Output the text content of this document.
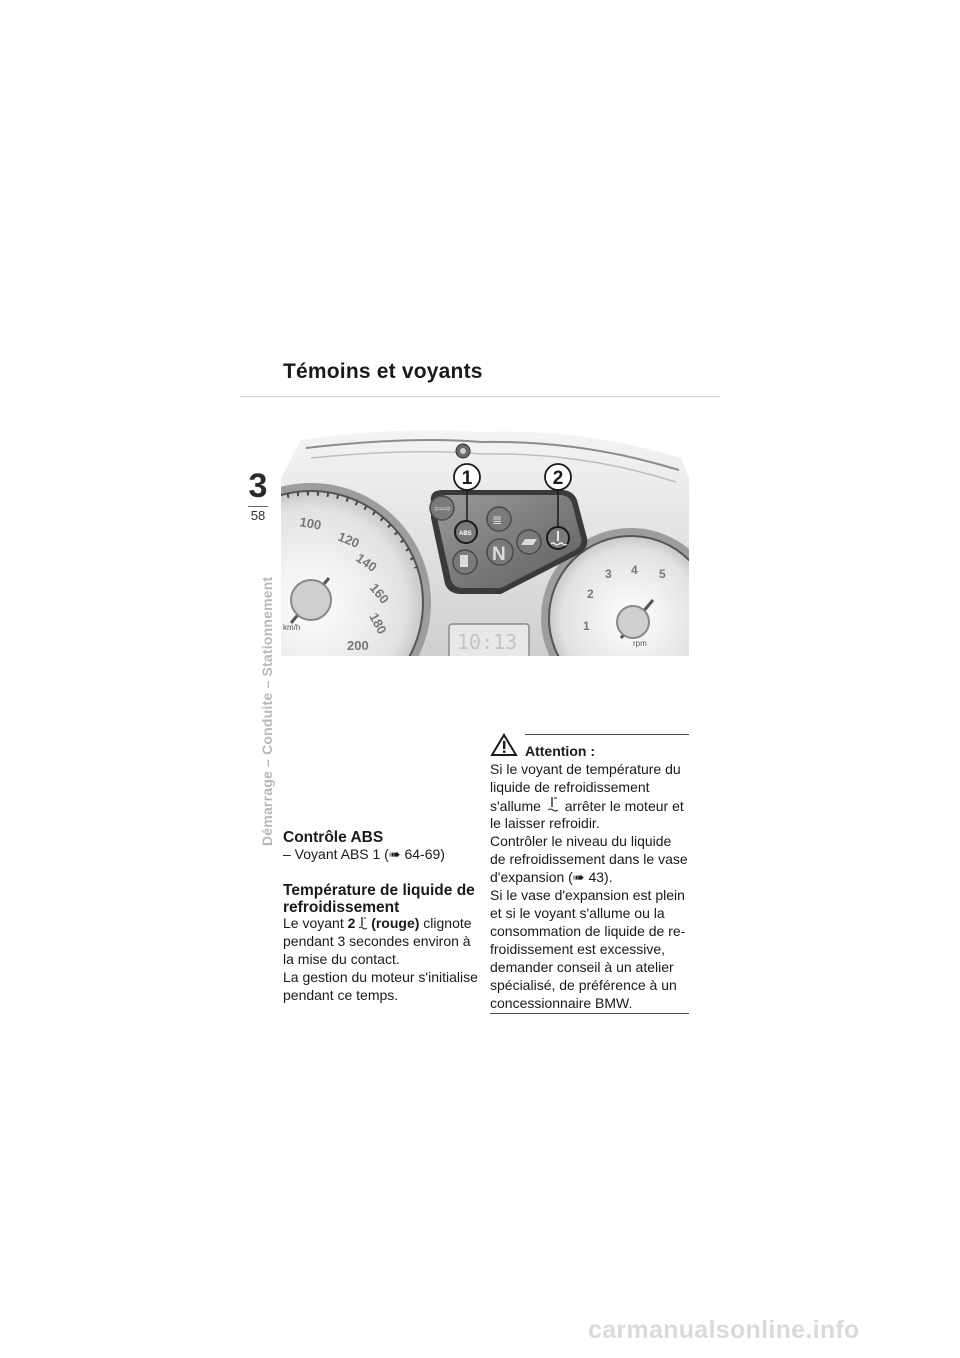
Témoins et voyants
3
58
Démarrage – Conduite – Stationnement
100
120
140
160
180
200
km/h
10:13
1
2
3 4 5
rpm
⇦⇨
ABS
≣
N
1	2
Contrôle ABS
– Voyant ABS 1 (➠ 64-69)
Température de liquide de
refroidissement
Le voyant 2 (rouge) clignote
pendant 3 secondes environ à
la mise du contact.
La gestion du moteur s'initialise
pendant ce temps.
Attention :
Si le voyant de température du
liquide de refroidissement
s'allume arrêter le moteur et
le laisser refroidir.
Contrôler le niveau du liquide
de refroidissement dans le vase
d'expansion (➠ 43).
Si le vase d'expansion est plein
et si le voyant s'allume ou la
consommation de liquide de re-
froidissement est excessive,
demander conseil à un atelier
spécialisé, de préférence à un
concessionnaire BMW.
carmanualsonline.info
